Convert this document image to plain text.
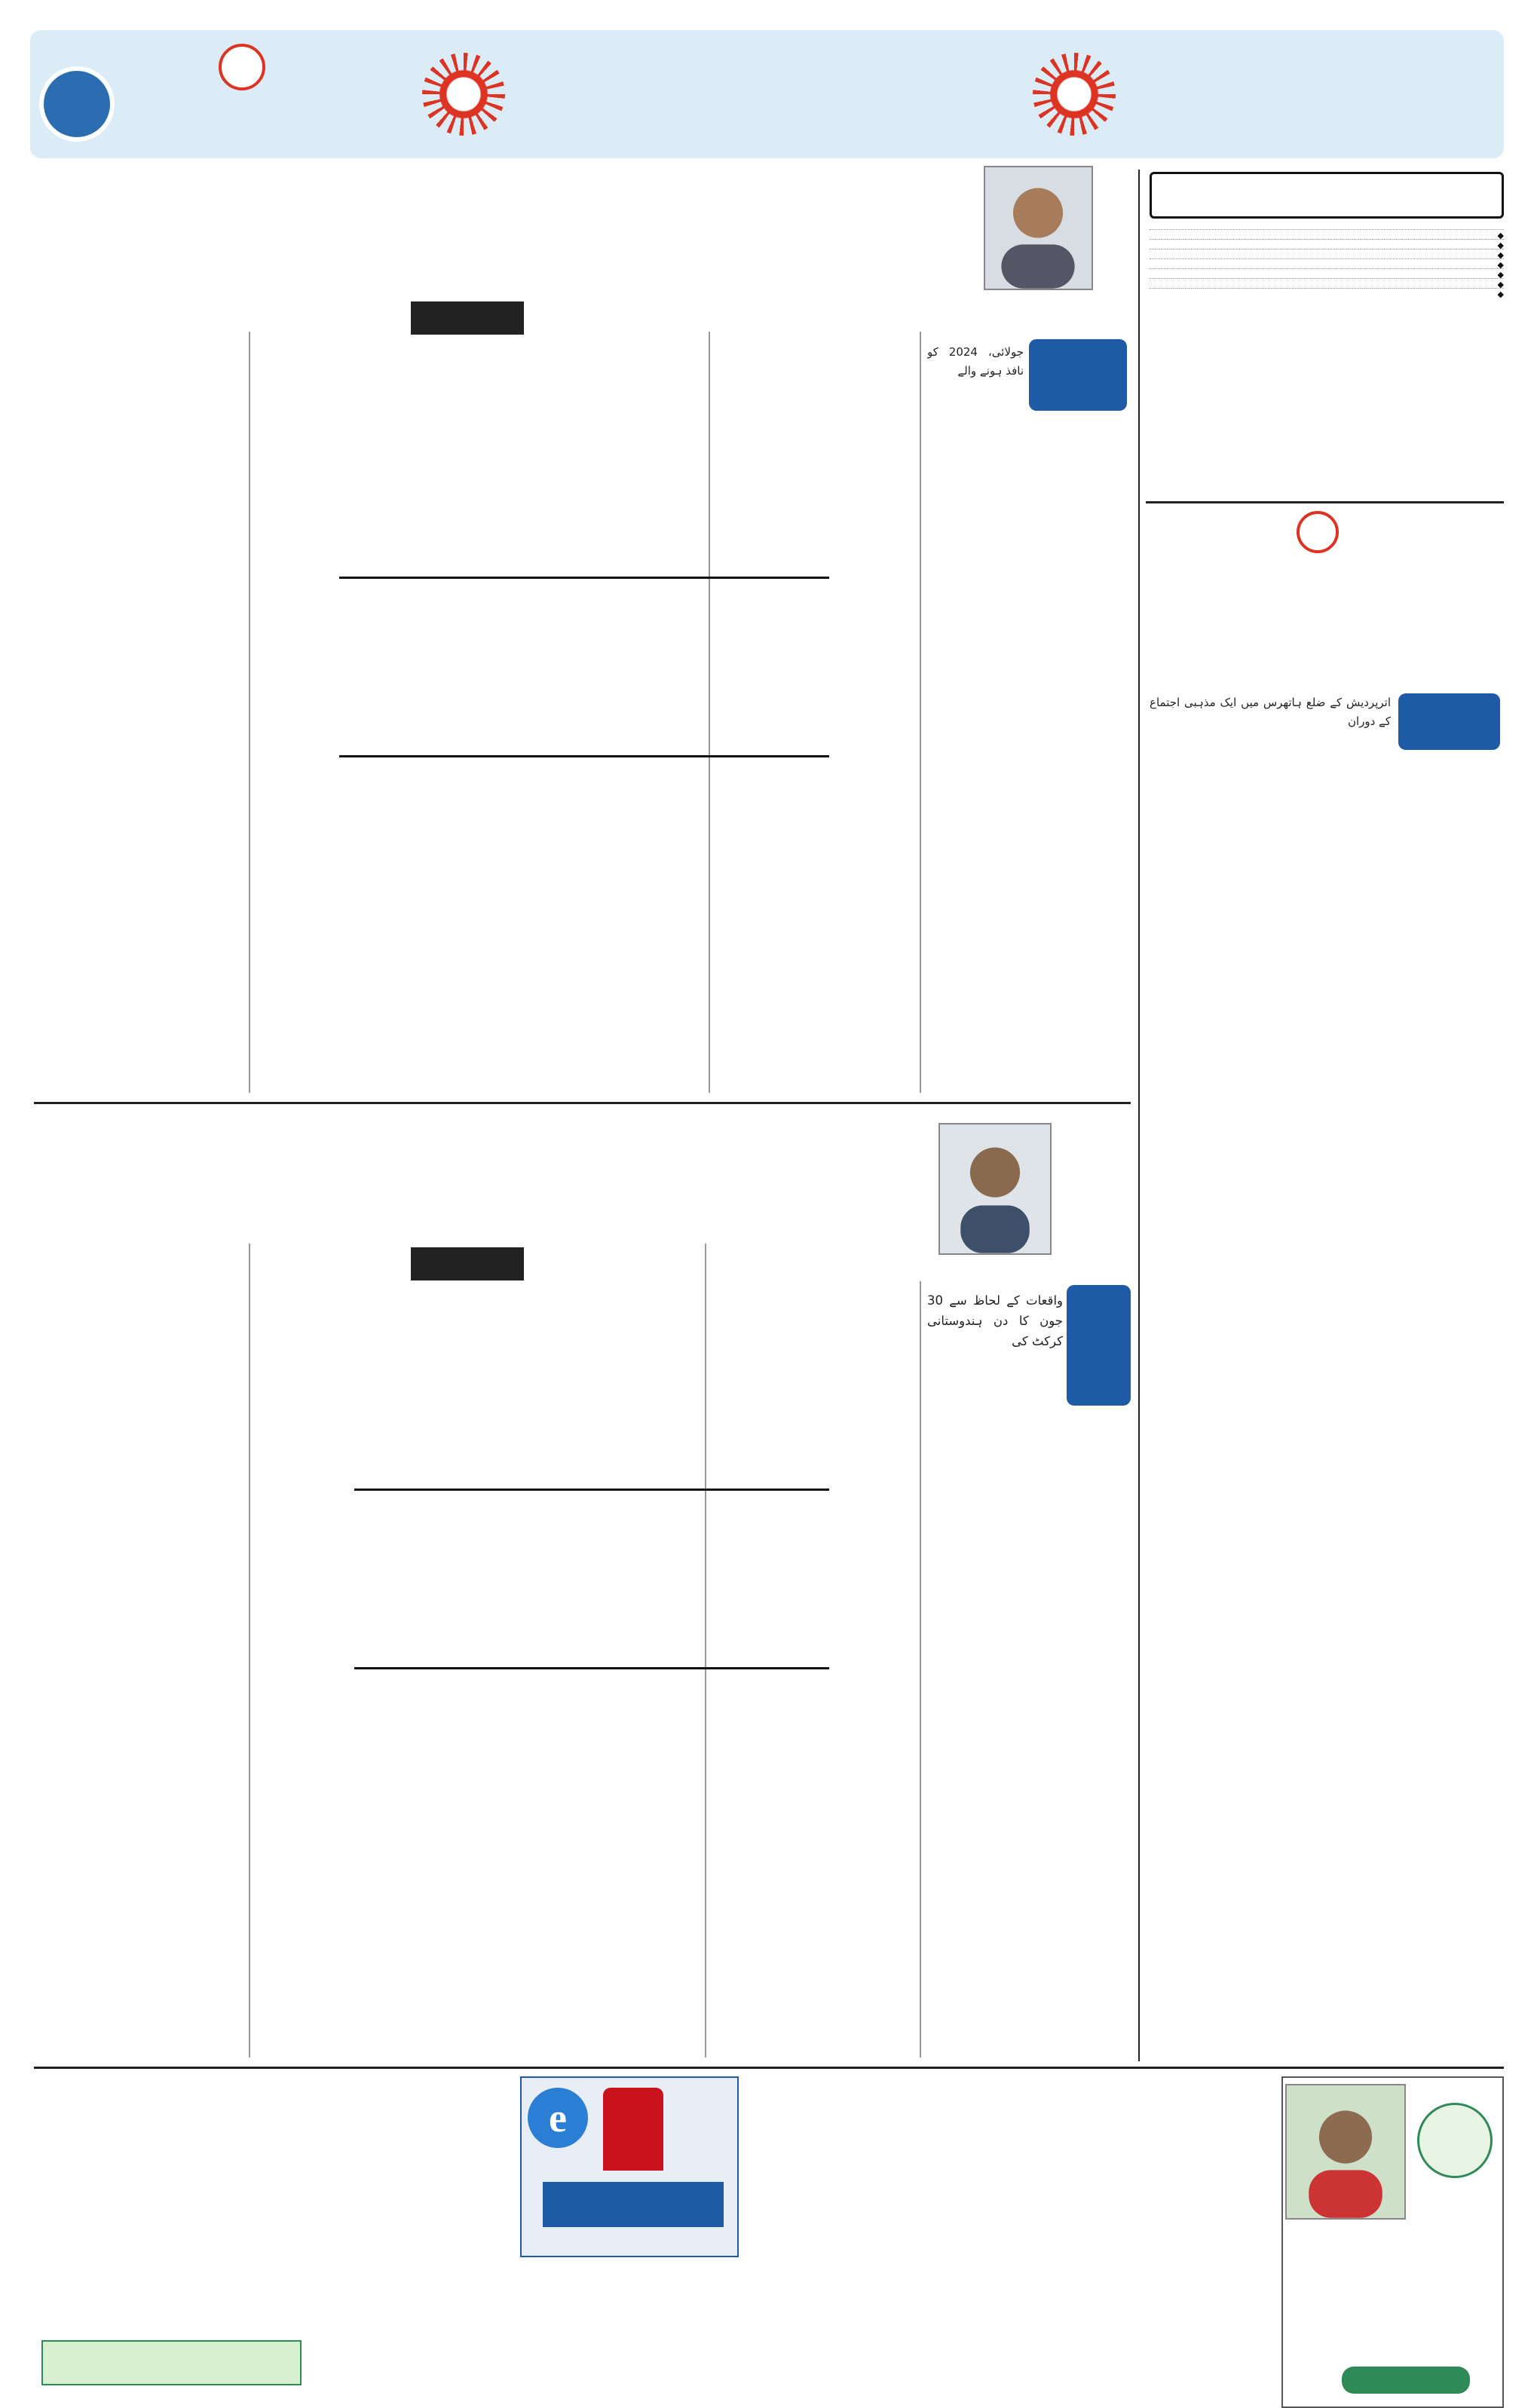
جولائی، 2024 کو نافذ ہونے والے
واقعات کے لحاظ سے 30 جون کا دن ہندوستانی کرکٹ کی
◆
◆
◆
◆
◆
◆
◆
اترپردیش کے ضلع ہاتھرس میں ایک مذہبی اجتماع کے دوران
e
